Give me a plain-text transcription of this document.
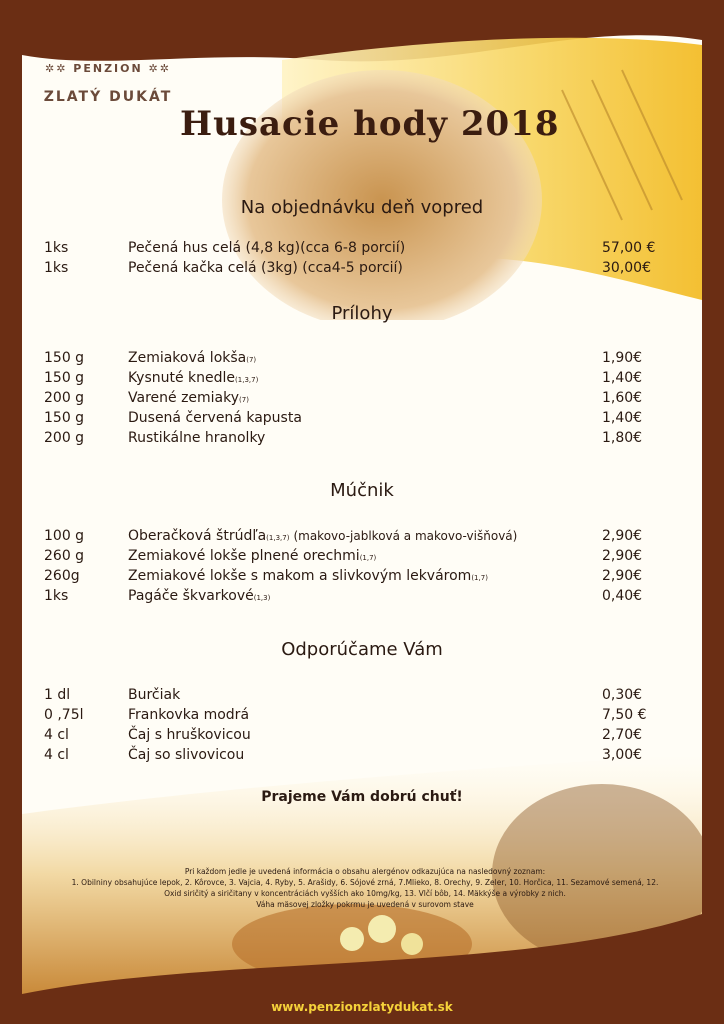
✲✲ PENZION ✲✲
ZLATÝ DUKÁT
Husacie hody 2018
Na objednávku deň vopred
1ks	Pečená hus celá (4,8 kg)(cca 6-8 porcií)	57,00 €
1ks	Pečená kačka celá (3kg) (cca4-5 porcií)	30,00€
Prílohy
150 g	Zemiaková lokša(7)	1,90€
150 g	Kysnuté knedle(1,3,7)	1,40€
200 g	Varené zemiaky(7)	1,60€
150 g	Dusená červená kapusta	1,40€
200 g	Rustikálne hranolky	1,80€
Múčnik
100 g	Oberačková štrúdľa(1,3,7) (makovo-jablková a makovo-višňová)	2,90€
260 g	Zemiakové lokše plnené orechmi(1,7)	2,90€
260g	Zemiakové lokše s makom a slivkovým lekvárom(1,7)	2,90€
1ks	Pagáče škvarkové(1,3)	0,40€
Odporúčame Vám
1 dl	Burčiak	0,30€
0 ,75l	Frankovka modrá	7,50 €
4 cl	Čaj s hruškovicou	2,70€
4 cl	Čaj so slivovicou	3,00€
Prajeme Vám dobrú chuť!
Pri každom jedle je uvedená informácia o obsahu alergénov odkazujúca na nasledovný zoznam:
1. Obilniny obsahujúce lepok, 2. Kôrovce, 3. Vajcia, 4. Ryby, 5. Arašidy, 6. Sójové zrná, 7.Mlieko, 8. Orechy, 9. Zeler, 10. Horčica, 11. Sezamové semená, 12.
Oxid siričitý a siričitany v koncentráciách vyšších ako 10mg/kg, 13. Vlčí bôb, 14. Mäkkýše a výrobky z nich.
Váha mäsovej zložky pokrmu je uvedená v surovom stave
www.penzionzlatydukat.sk
